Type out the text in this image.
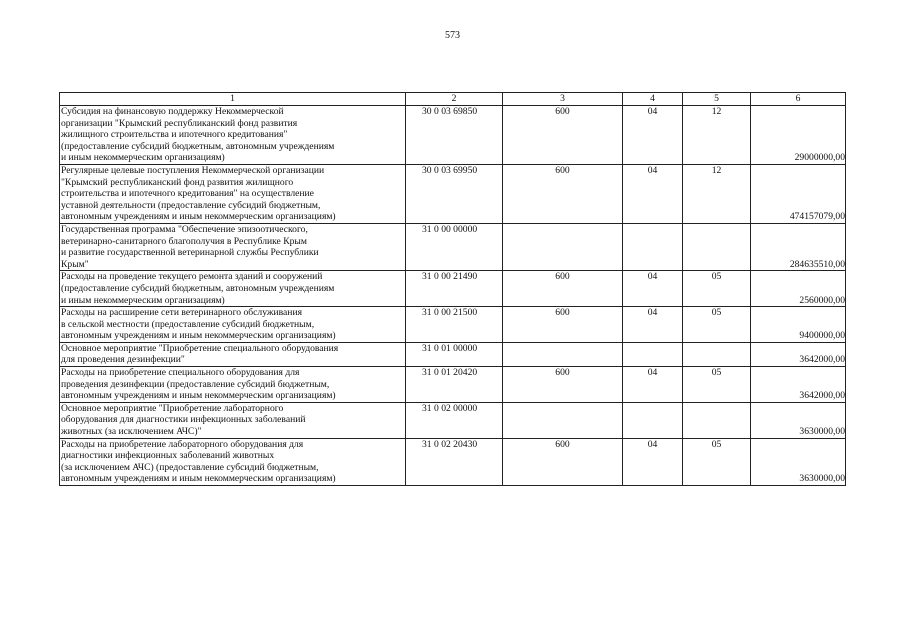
573
1	2	3	4	5	6
Субсидия на финансовую поддержку Некоммерческой
организации "Крымский республиканский фонд развития
жилищного строительства и ипотечного кредитования"
(предоставление субсидий бюджетным, автономным учреждениям
и иным некоммерческим организациям)	30 0 03 69850	600	04	12	29000000,00
Регулярные целевые поступления Некоммерческой организации
"Крымский республиканский фонд развития жилищного
строительства и ипотечного кредитования" на осуществление
уставной деятельности (предоставление субсидий бюджетным,
автономным учреждениям и иным некоммерческим организациям)	30 0 03 69950	600	04	12	474157079,00
Государственная программа "Обеспечение эпизоотического,
ветеринарно-санитарного благополучия в Республике Крым
и развитие государственной ветеринарной службы Республики
Крым"	31 0 00 00000				284635510,00
Расходы на проведение текущего ремонта зданий и сооружений
(предоставление субсидий бюджетным, автономным учреждениям
и иным некоммерческим организациям)	31 0 00 21490	600	04	05	2560000,00
Расходы на расширение сети ветеринарного обслуживания
в сельской местности (предоставление субсидий бюджетным,
автономным учреждениям и иным некоммерческим организациям)	31 0 00 21500	600	04	05	9400000,00
Основное мероприятие "Приобретение специального оборудования
для проведения дезинфекции"	31 0 01 00000				3642000,00
Расходы на приобретение специального оборудования для
проведения дезинфекции (предоставление субсидий бюджетным,
автономным учреждениям и иным некоммерческим организациям)	31 0 01 20420	600	04	05	3642000,00
Основное мероприятие "Приобретение лабораторного
оборудования для диагностики инфекционных заболеваний
животных (за исключением АЧС)"	31 0 02 00000				3630000,00
Расходы на приобретение лабораторного оборудования для
диагностики инфекционных заболеваний животных
(за исключением АЧС) (предоставление субсидий бюджетным,
автономным учреждениям и иным некоммерческим организациям)	31 0 02 20430	600	04	05	3630000,00
